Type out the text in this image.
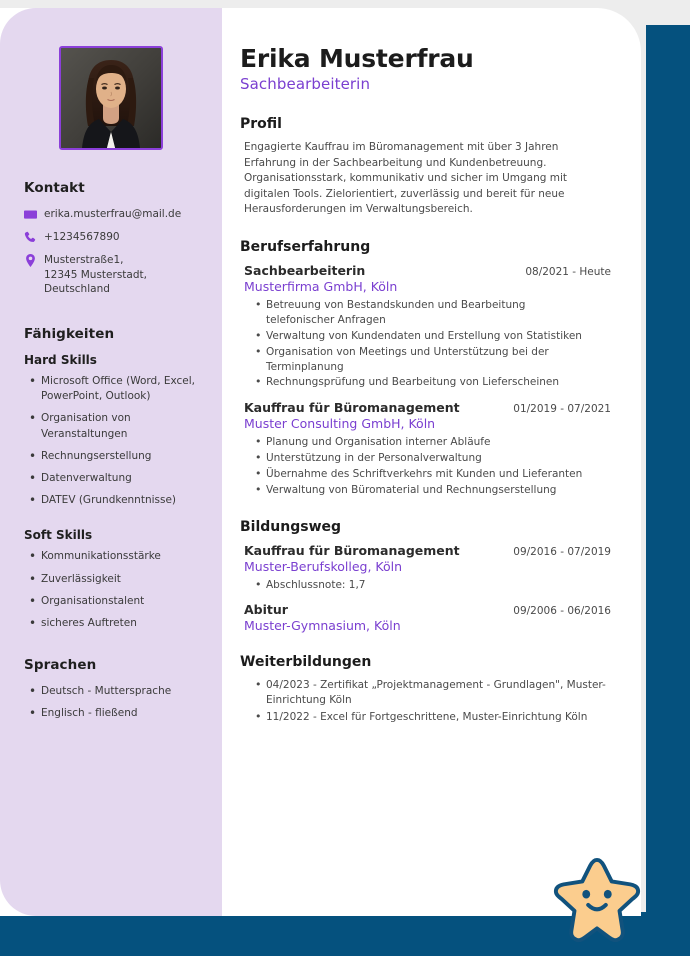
Kontakt
erika.musterfrau@mail.de
+1234567890
Musterstraße1,
12345 Musterstadt,
Deutschland
Fähigkeiten
Hard Skills
• Microsoft Office (Word, Excel, PowerPoint, Outlook)
• Organisation von Veranstaltungen
• Rechnungserstellung
• Datenverwaltung
• DATEV (Grundkenntnisse)
Soft Skills
• Kommunikationsstärke
• Zuverlässigkeit
• Organisationstalent
• sicheres Auftreten
Sprachen
• Deutsch - Muttersprache
• Englisch - fließend
Erika Musterfrau
Sachbearbeiterin
Profil

Engagierte Kauffrau im Büromanagement mit über 3 Jahren Erfahrung in der Sachbearbeitung und Kundenbetreuung. Organisationsstark, kommunikativ und sicher im Umgang mit digitalen Tools. Zielorientiert, zuverlässig und bereit für neue Herausforderungen im Verwaltungsbereich.

Berufserfahrung
Sachbearbeiterin	08/2021 - Heute
Musterfirma GmbH, Köln
• Betreuung von Bestandskunden und Bearbeitung telefonischer Anfragen
• Verwaltung von Kundendaten und Erstellung von Statistiken
• Organisation von Meetings und Unterstützung bei der Terminplanung
• Rechnungsprüfung und Bearbeitung von Lieferscheinen
Kauffrau für Büromanagement	01/2019 - 07/2021
Muster Consulting GmbH, Köln
• Planung und Organisation interner Abläufe
• Unterstützung in der Personalverwaltung
• Übernahme des Schriftverkehrs mit Kunden und Lieferanten
• Verwaltung von Büromaterial und Rechnungserstellung
Bildungsweg
Kauffrau für Büromanagement	09/2016 - 07/2019
Muster-Berufskolleg, Köln
• Abschlussnote: 1,7
Abitur	09/2006 - 06/2016
Muster-Gymnasium, Köln
Weiterbildungen
• 04/2023 - Zertifikat „Projektmanagement - Grundlagen", Muster-Einrichtung Köln
• 11/2022 - Excel für Fortgeschrittene, Muster-Einrichtung Köln
